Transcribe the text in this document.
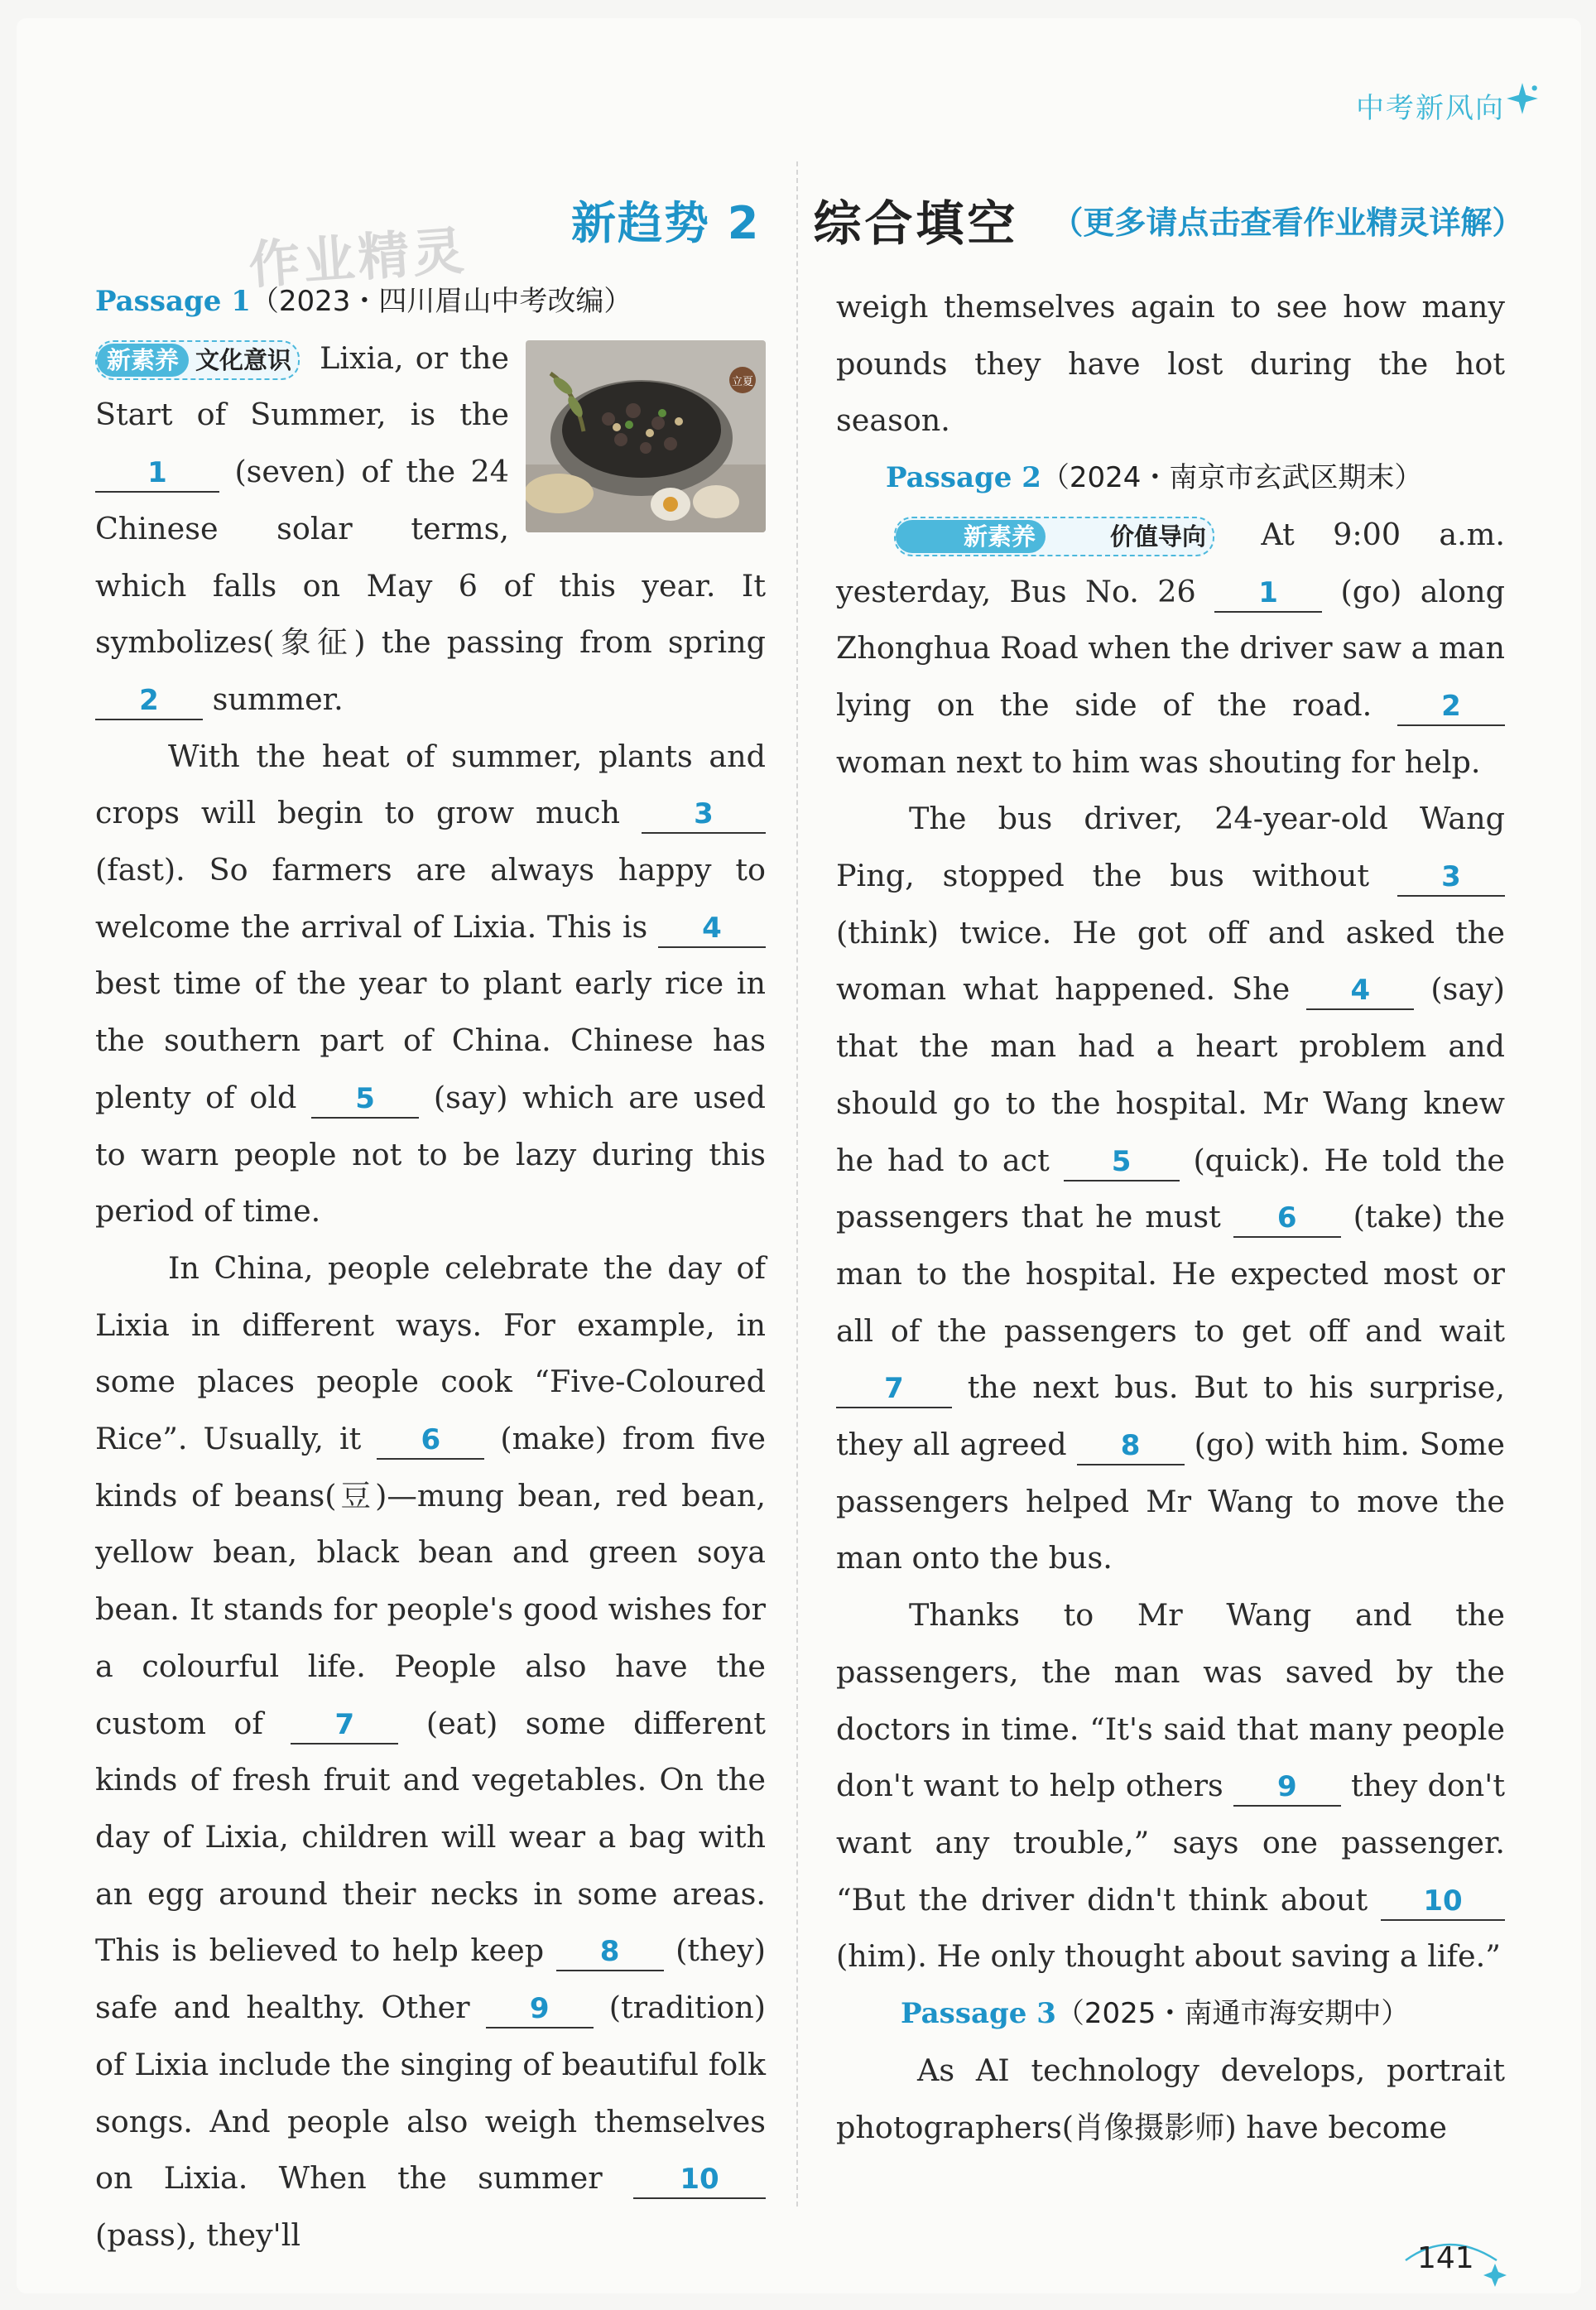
中考新风向
作业精灵 新趋势 2 综合填空 （更多请点击查看作业精灵详解）

Passage 1（2023・四川眉山中考改编）

立夏
新素养 文化意识 Lixia, or the Start of Summer, is the 1 (seven) of the 24 Chinese solar terms, which falls on May 6 of this year. It symbolizes(象征) the passing from spring 2 summer.

With the heat of summer, plants and crops will begin to grow much	3 (fast). So farmers are always happy to welcome the arrival of Lixia. This is 4 best time of the year to plant early rice in the southern part of China. Chinese has plenty of old 5 (say) which are used to warn people not to be lazy during this period of time.

In China, people celebrate the day of Lixia in different ways. For example, in some places people cook “Five-Coloured Rice”. Usually, it 6 (make) from five kinds of beans(豆)—mung bean, red bean, yellow bean, black bean and green soya bean. It stands for people's good wishes for a colourful life. People also have the custom of	7 (eat) some different kinds of fresh fruit and vegetables. On the day of Lixia, children will wear a bag with an egg around their necks in some areas. This is believed to help keep 8 (they) safe and healthy. Other 9 (tradition) of Lixia include the singing of beautiful folk songs. And people also weigh themselves on Lixia. When the summer	10 (pass), they'll

weigh themselves again to see how many pounds they have lost during the hot season.

Passage 2（2024・南京市玄武区期末）

新素养	价值导向 At 9:00 a.m. yesterday, Bus No. 26 1 (go) along Zhonghua Road when the driver saw a man lying on the side of the road. 2 woman next to him was shouting for help.

The bus driver, 24-year-old Wang Ping, stopped the bus without	3 (think) twice. He got off and asked the woman what happened. She 4 (say) that the man had a heart problem and should go to the hospital. Mr Wang knew he had to act 5 (quick). He told the passengers that he must 6 (take) the man to the hospital. He expected most or all of the passengers to get off and wait 7 the next bus. But to his surprise, they all agreed 8 (go) with him. Some passengers helped Mr Wang to move the man onto the bus.

Thanks to Mr Wang and the passengers, the man was saved by the doctors in time. “It's said that many people don't want to help others 9 they don't want any trouble,” says one passenger. “But the driver didn't think about 10 (him). He only thought about saving a life.”

Passage 3（2025・南通市海安期中）

As AI technology develops, portrait photographers(肖像摄影师) have become

141
